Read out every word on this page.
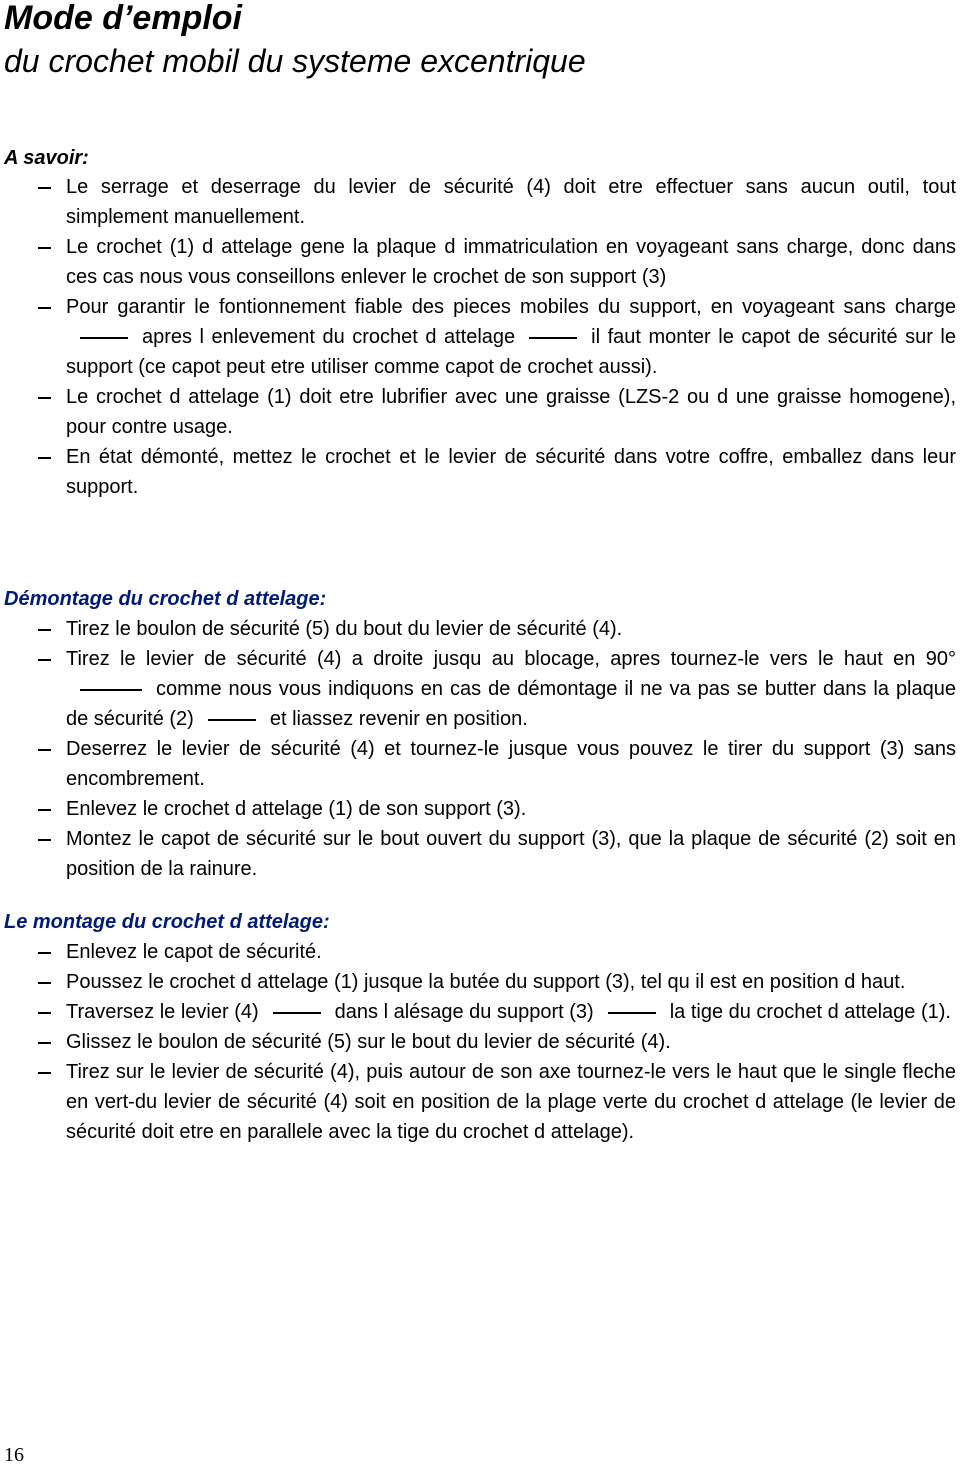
Mode d’emploi
du crochet mobil du systeme excentrique
A savoir:
Le serrage et deserrage du levier de sécurité (4) doit etre effectuer sans aucun outil, tout simplement manuellement.
Le crochet (1) d attelage gene la plaque d immatriculation en voyageant sans charge, donc dans ces cas nous vous conseillons enlever le crochet de son support (3)
Pour garantir le fontionnement fiable des pieces mobiles du support, en voyageant sans chargeapres l enlevement du crochet d attelage	il faut monter le capot de sécurité sur le support (ce capot peut etre utiliser comme capot de crochet aussi).
Le crochet d attelage (1) doit etre lubrifier avec une graisse (LZS-2 ou d une graisse homogene), pour contre usage.
En état démonté, mettez le crochet et le levier de sécurité dans votre coffre, emballez dans leur support.
Démontage du crochet d attelage:
Tirez le boulon de sécurité (5) du bout du levier de sécurité (4).
Tirez le levier de sécurité (4) a droite jusqu au blocage, apres tournez-le vers le haut en 90°comme nous vous indiquons en cas de démontage il ne va pas se butter dans la plaque de sécurité (2)	et liassez revenir en position.
Deserrez le levier de sécurité (4) et tournez-le jusque vous pouvez le tirer du support (3) sans encombrement.
Enlevez le crochet d attelage (1) de son support (3).
Montez le capot de sécurité sur le bout ouvert du support (3), que la plaque de sécurité (2) soit en position de la rainure.
Le montage du crochet d attelage:
Enlevez le capot de sécurité.
Poussez le crochet d attelage (1) jusque la butée du support (3), tel qu il est en position d haut.
Traversez le levier (4)	dans l alésage du support (3)	la tige du crochet d attelage (1).
Glissez le boulon de sécurité (5) sur le bout du levier de sécurité (4).
Tirez sur le levier de sécurité (4), puis autour de son axe tournez-le vers le haut que le single fleche en vert-du levier de sécurité (4) soit en position de la plage verte du crochet d attelage (le levier de sécurité doit etre en parallele avec la tige du crochet d attelage).
16
